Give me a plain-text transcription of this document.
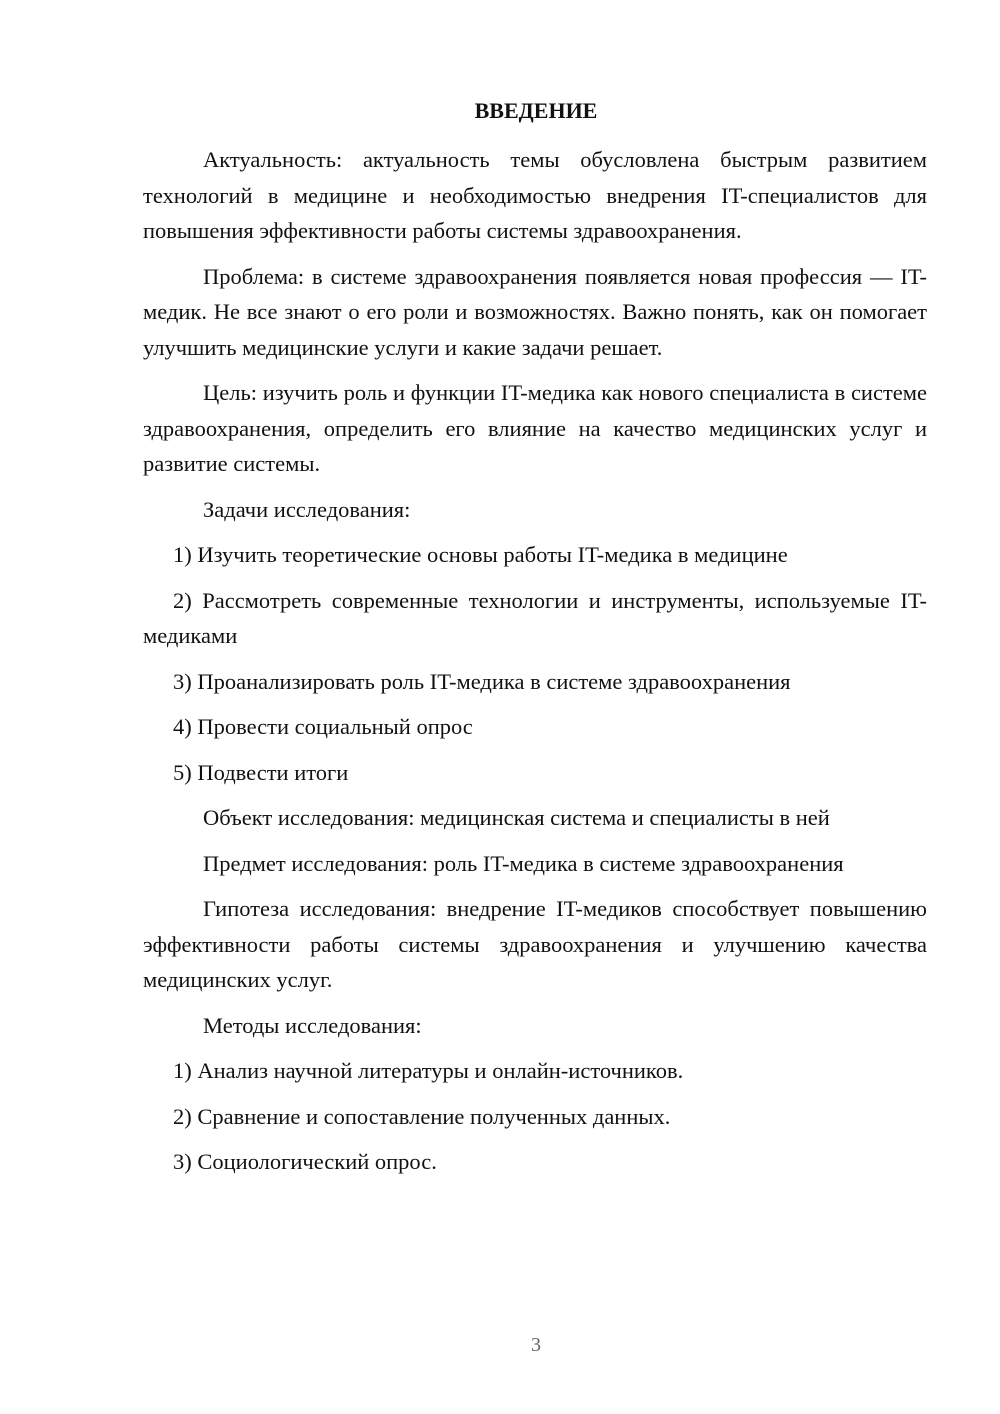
ВВЕДЕНИЕ

Актуальность: актуальность темы обусловлена быстрым развитием технологий в медицине и необходимостью внедрения IT-специалистов для повышения эффективности работы системы здравоохранения.

Проблема: в системе здравоохранения появляется новая профессия — IT-медик. Не все знают о его роли и возможностях. Важно понять, как он помогает улучшить медицинские услуги и какие задачи решает.

Цель: изучить роль и функции IT-медика как нового специалиста в системе здравоохранения, определить его влияние на качество медицинских услуг и развитие системы.

Задачи исследования:

1) Изучить теоретические основы работы IT-медика в медицине

2) Рассмотреть современные технологии и инструменты, используемые IT-медиками

3) Проанализировать роль IT-медика в системе здравоохранения

4) Провести социальный опрос

5) Подвести итоги

Объект исследования: медицинская система и специалисты в ней

Предмет исследования: роль IT-медика в системе здравоохранения

Гипотеза исследования: внедрение IT-медиков способствует повышению эффективности работы системы здравоохранения и улучшению качества медицинских услуг.

Методы исследования:

1) Анализ научной литературы и онлайн-источников.

2) Сравнение и сопоставление полученных данных.

3) Социологический опрос.

3
